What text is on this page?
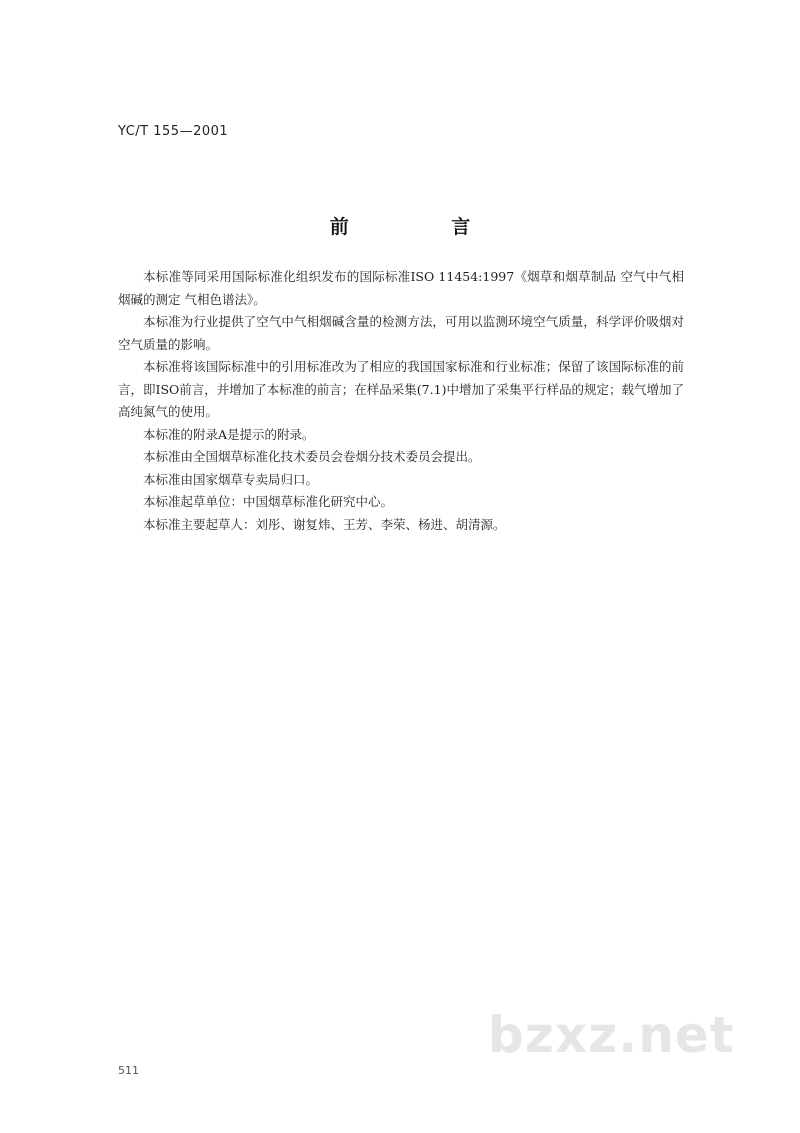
YC/T 155—2001
前 言

本标准等同采用国际标准化组织发布的国际标准ISO 11454:1997《烟草和烟草制品 空气中气相烟碱的测定 气相色谱法》。

本标准为行业提供了空气中气相烟碱含量的检测方法，可用以监测环境空气质量，科学评价吸烟对空气质量的影响。

本标准将该国际标准中的引用标准改为了相应的我国国家标准和行业标准；保留了该国际标准的前言，即ISO前言，并增加了本标准的前言；在样品采集(7.1)中增加了采集平行样品的规定；载气增加了高纯氮气的使用。

本标准的附录A是提示的附录。

本标准由全国烟草标准化技术委员会卷烟分技术委员会提出。

本标准由国家烟草专卖局归口。

本标准起草单位：中国烟草标准化研究中心。

本标准主要起草人：刘彤、谢复炜、王芳、李荣、杨进、胡清源。

511
bzxz.net
